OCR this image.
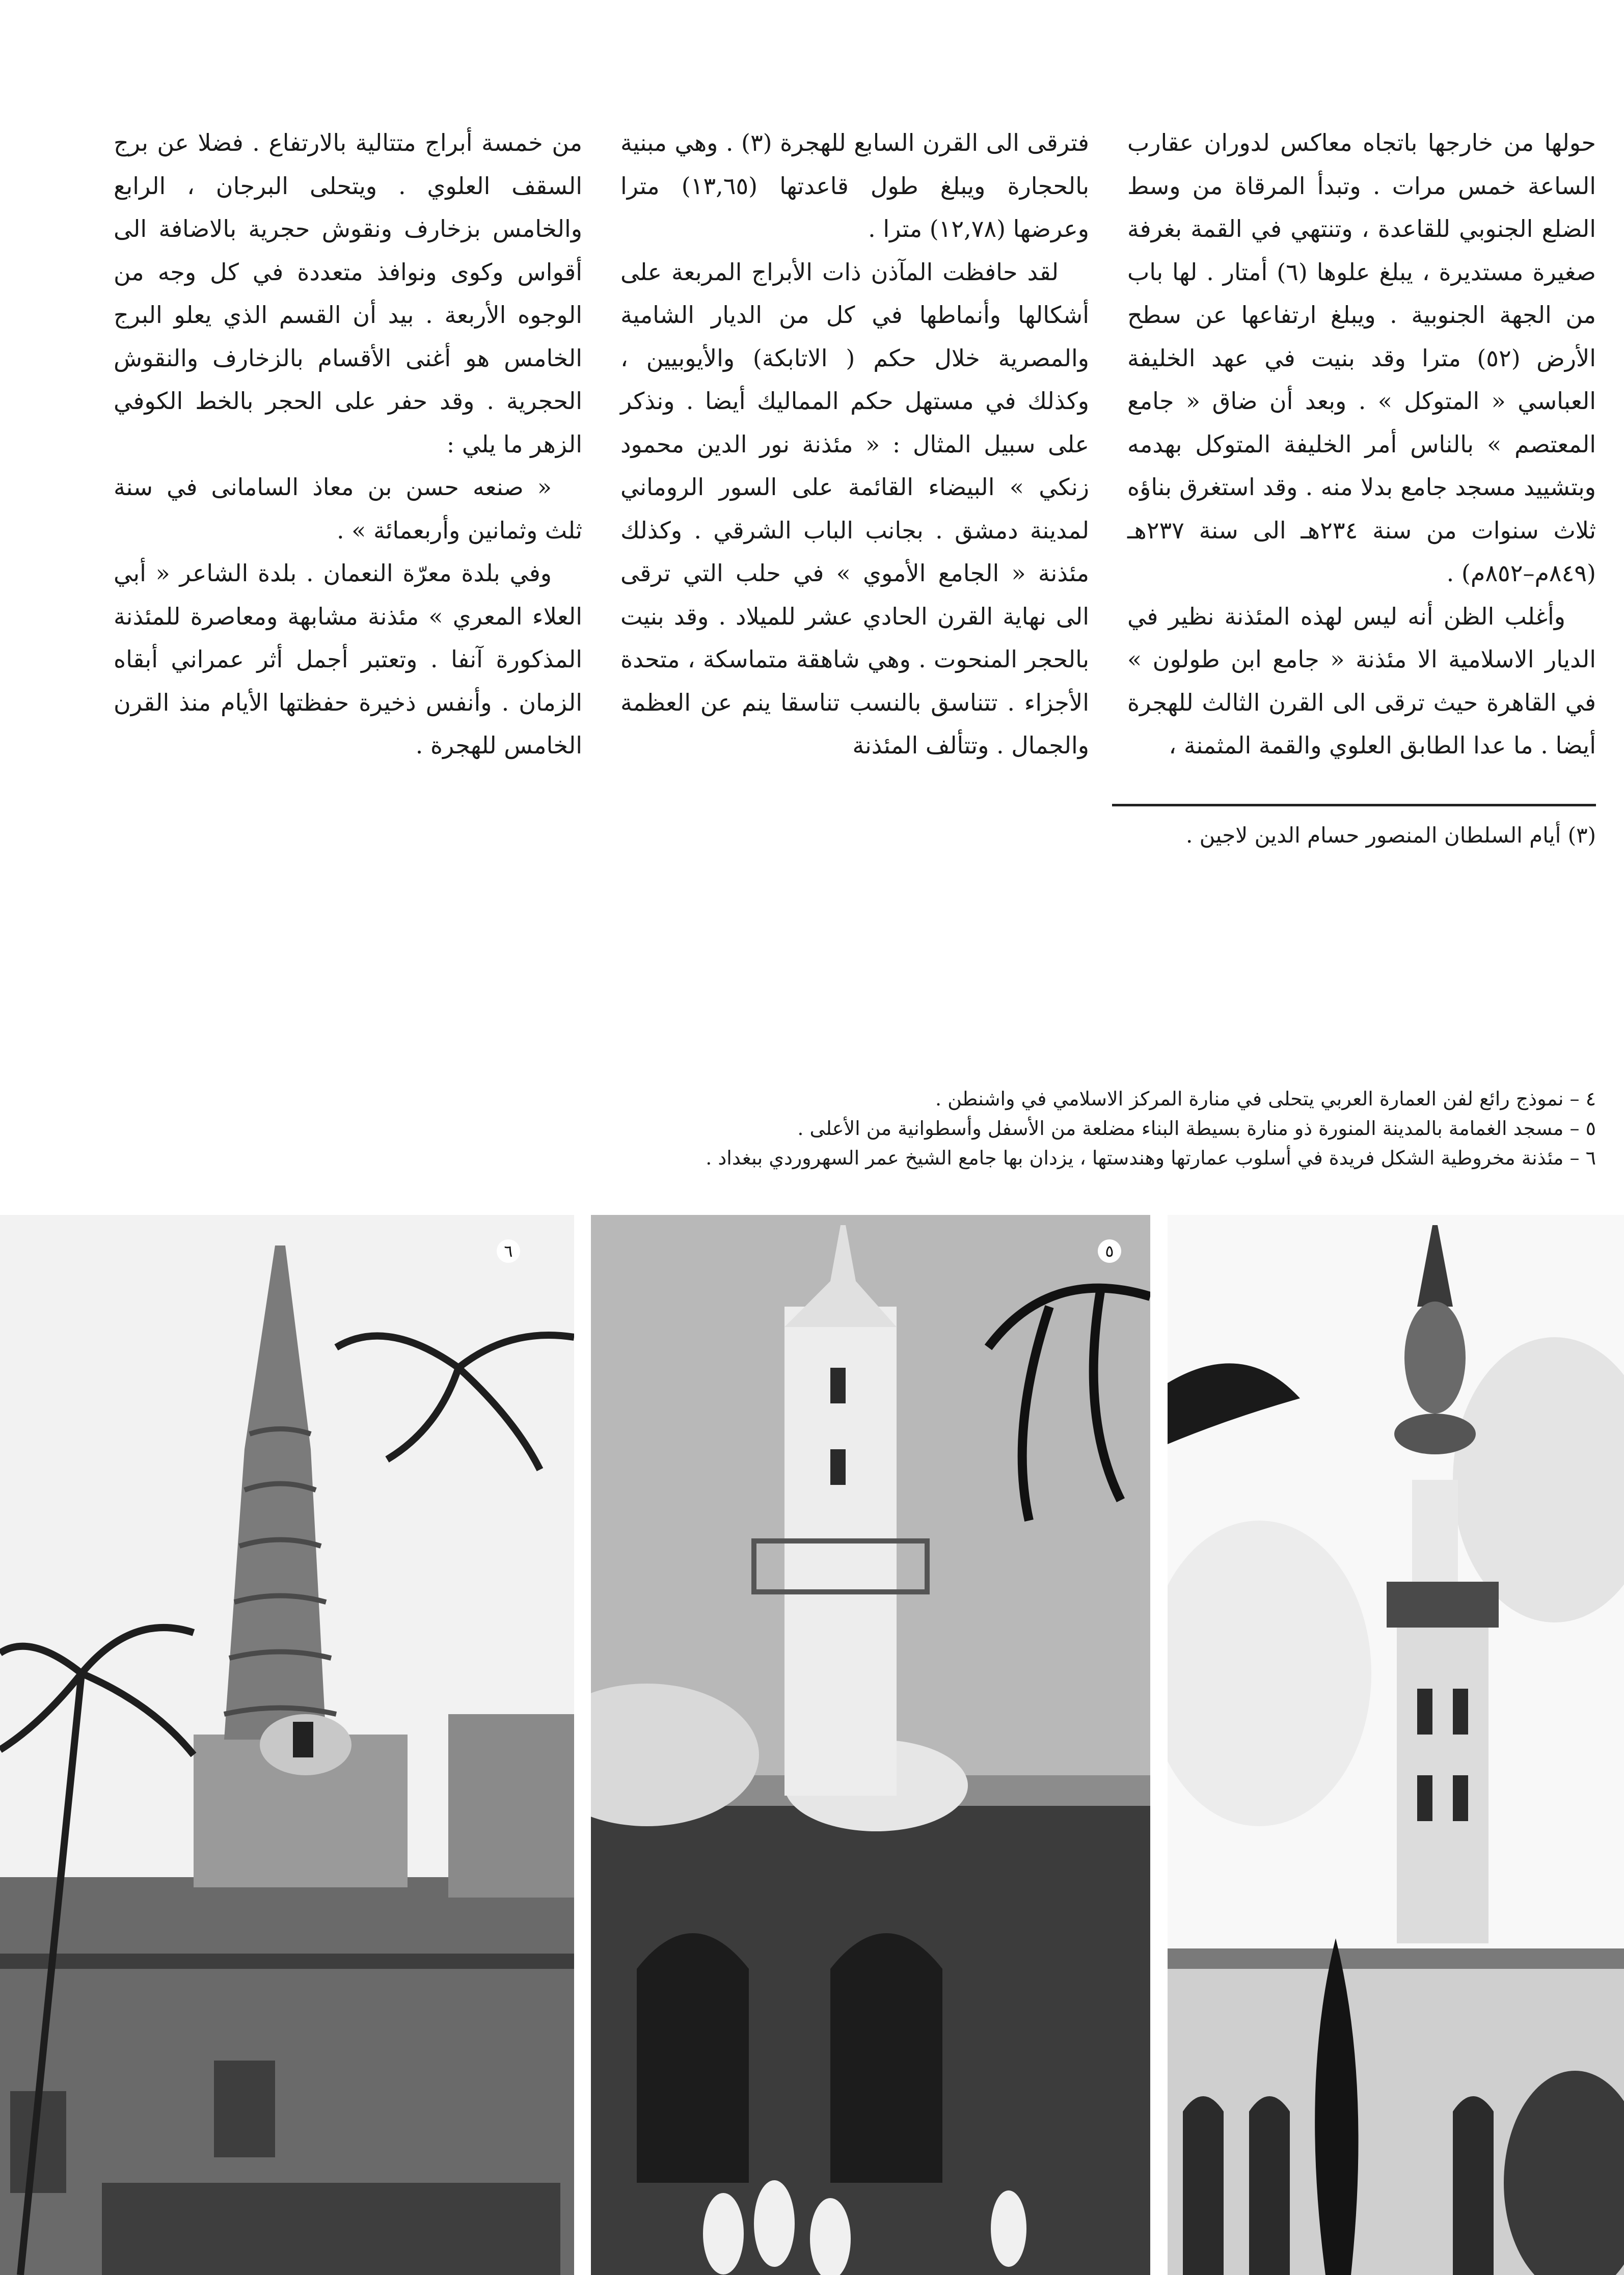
حولها من خارجها باتجاه معاكس لدوران عقارب الساعة خمس مرات . وتبدأ المرقاة من وسط الضلع الجنوبي للقاعدة ، وتنتهي في القمة بغرفة صغيرة مستديرة ، يبلغ علوها (٦) أمتار . لها باب من الجهة الجنوبية . ويبلغ ارتفاعها عن سطح الأرض (٥٢) مترا وقد بنيت في عهد الخليفة العباسي « المتوكل » . وبعد أن ضاق « جامع المعتصم » بالناس أمر الخليفة المتوكل بهدمه وبتشييد مسجد جامع بدلا منه . وقد استغرق بناؤه ثلاث سنوات من سنة ٢٣٤هـ الى سنة ٢٣٧هـ (٨٤٩م–٨٥٢م) .

وأغلب الظن أنه ليس لهذه المئذنة نظير في الديار الاسلامية الا مئذنة « جامع ابن طولون » في القاهرة حيث ترقى الى القرن الثالث للهجرة أيضا . ما عدا الطابق العلوي والقمة المثمنة ،

فترقى الى القرن السابع للهجرة (٣) . وهي مبنية بالحجارة ويبلغ طول قاعدتها (١٣,٦٥) مترا وعرضها (١٢,٧٨) مترا .

لقد حافظت المآذن ذات الأبراج المربعة على أشكالها وأنماطها في كل من الديار الشامية والمصرية خلال حكم ( الاتابكة) والأيوبيين ، وكذلك في مستهل حكم المماليك أيضا . ونذكر على سبيل المثال : « مئذنة نور الدين محمود زنكي » البيضاء القائمة على السور الروماني لمدينة دمشق . بجانب الباب الشرقي . وكذلك مئذنة « الجامع الأموي » في حلب التي ترقى الى نهاية القرن الحادي عشر للميلاد . وقد بنيت بالحجر المنحوت . وهي شاهقة متماسكة ، متحدة الأجزاء . تتناسق بالنسب تناسقا ينم عن العظمة والجمال . وتتألف المئذنة

من خمسة أبراج متتالية بالارتفاع . فضلا عن برج السقف العلوي . ويتحلى البرجان ، الرابع والخامس بزخارف ونقوش حجرية بالاضافة الى أقواس وكوى ونوافذ متعددة في كل وجه من الوجوه الأربعة . بيد أن القسم الذي يعلو البرج الخامس هو أغنى الأقسام بالزخارف والنقوش الحجرية . وقد حفر على الحجر بالخط الكوفي الزهر ما يلي :

« صنعه حسن بن معاذ السامانى في سنة ثلث وثمانين وأربعمائة » .

وفي بلدة معرّة النعمان . بلدة الشاعر « أبي العلاء المعري » مئذنة مشابهة ومعاصرة للمئذنة المذكورة آنفا . وتعتبر أجمل أثر عمراني أبقاه الزمان . وأنفس ذخيرة حفظتها الأيام منذ القرن الخامس للهجرة .

(٣) أيام السلطان المنصور حسام الدين لاجين .
٤ – نموذج رائع لفن العمارة العربي يتحلى في منارة المركز الاسلامي في واشنطن .
٥ – مسجد الغمامة بالمدينة المنورة ذو منارة بسيطة البناء مضلعة من الأسفل وأسطوانية من الأعلى .
٦ – مئذنة مخروطية الشكل فريدة في أسلوب عمارتها وهندستها ، يزدان بها جامع الشيخ عمر السهروردي ببغداد .
٦	٥
